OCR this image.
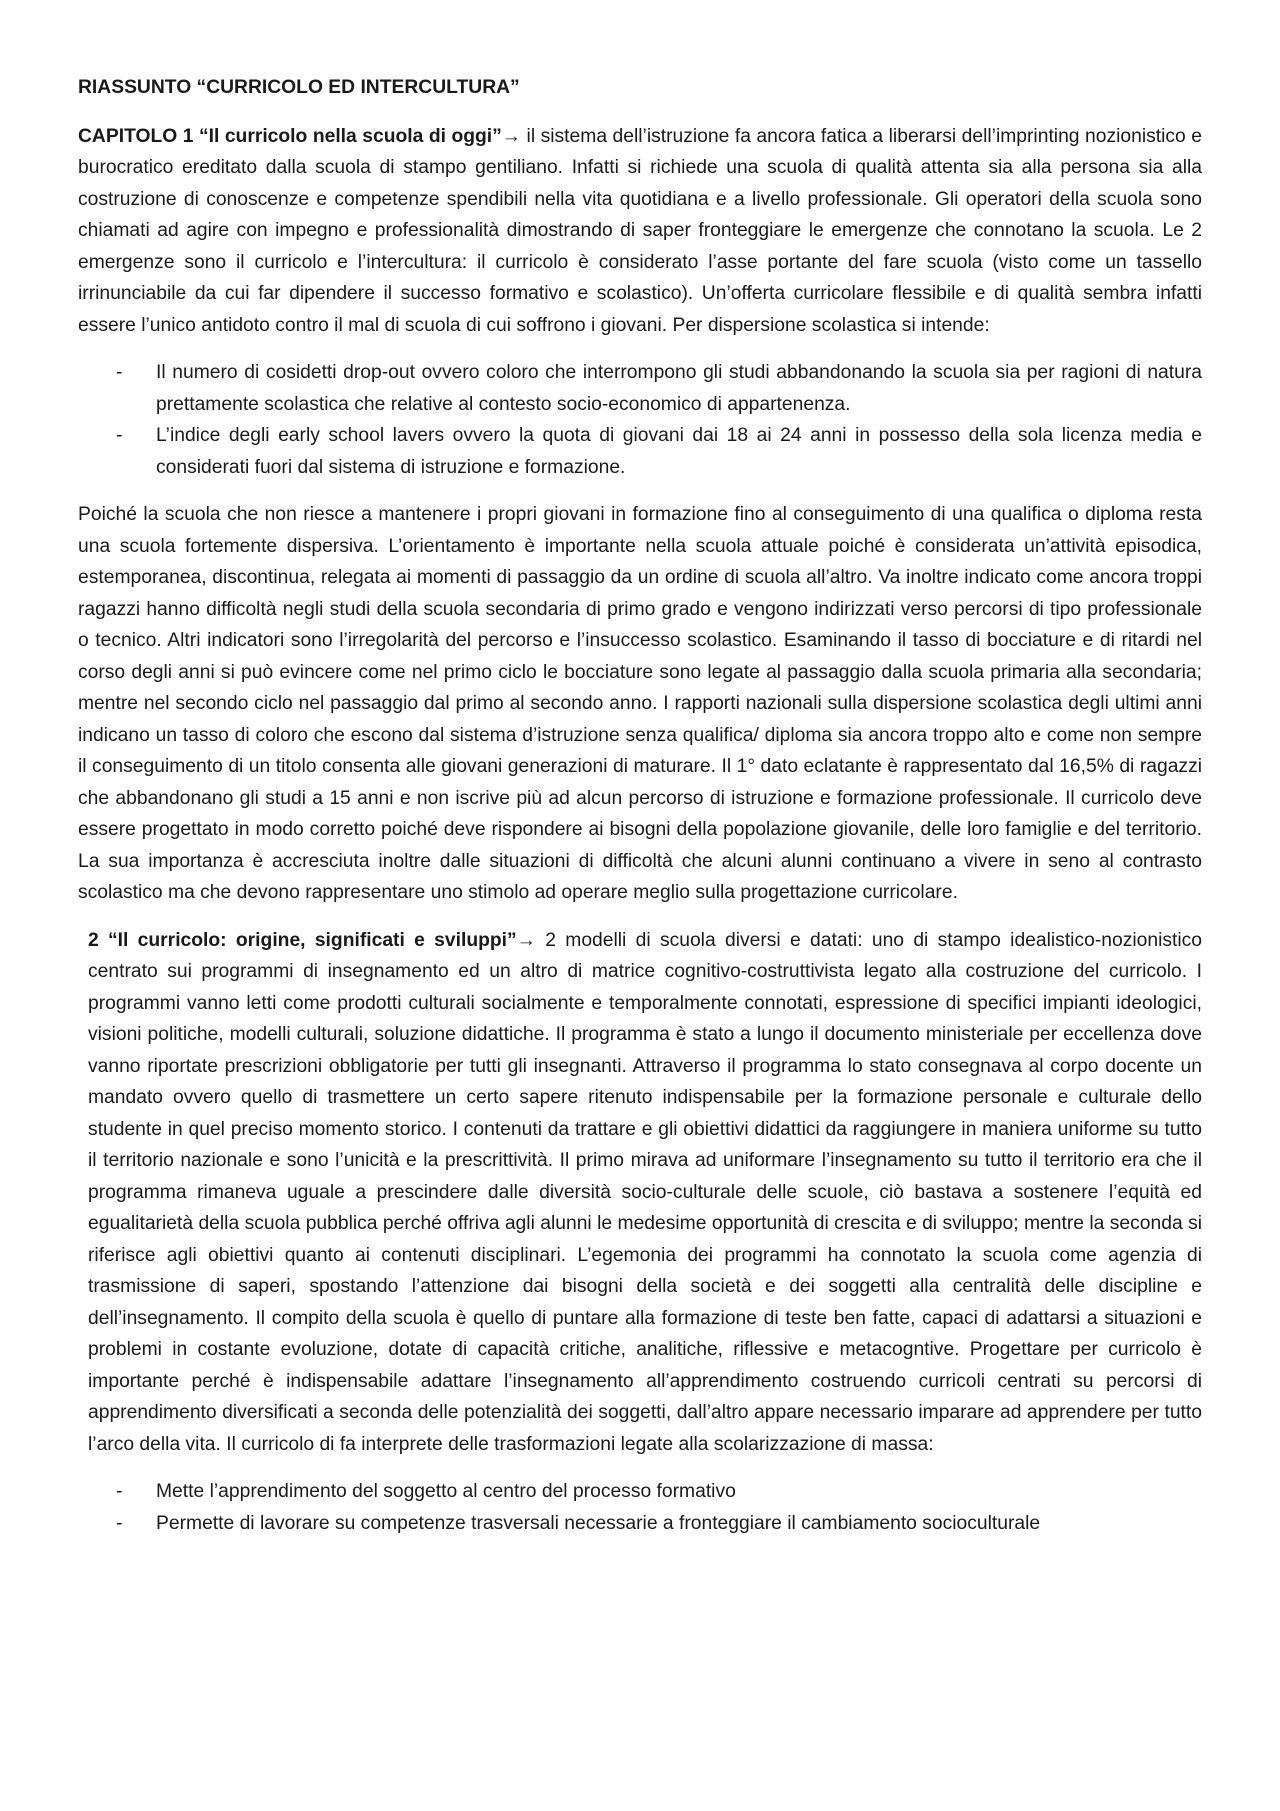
RIASSUNTO “CURRICOLO ED INTERCULTURA”

CAPITOLO 1 “Il curricolo nella scuola di oggi”→ il sistema dell’istruzione fa ancora fatica a liberarsi dell’imprinting nozionistico e burocratico ereditato dalla scuola di stampo gentiliano. Infatti si richiede una scuola di qualità attenta sia alla persona sia alla costruzione di conoscenze e competenze spendibili nella vita quotidiana e a livello professionale. Gli operatori della scuola sono chiamati ad agire con impegno e professionalità dimostrando di saper fronteggiare le emergenze che connotano la scuola. Le 2 emergenze sono il curricolo e l’intercultura: il curricolo è considerato l’asse portante del fare scuola (visto come un tassello irrinunciabile da cui far dipendere il successo formativo e scolastico). Un’offerta curricolare flessibile e di qualità sembra infatti essere l’unico antidoto contro il mal di scuola di cui soffrono i giovani. Per dispersione scolastica si intende:

- Il numero di cosidetti drop-out ovvero coloro che interrompono gli studi abbandonando la scuola sia per ragioni di natura prettamente scolastica che relative al contesto socio-economico di appartenenza.
- L’indice degli early school lavers ovvero la quota di giovani dai 18 ai 24 anni in possesso della sola licenza media e considerati fuori dal sistema di istruzione e formazione.

Poiché la scuola che non riesce a mantenere i propri giovani in formazione fino al conseguimento di una qualifica o diploma resta una scuola fortemente dispersiva. L’orientamento è importante nella scuola attuale poiché è considerata un’attività episodica, estemporanea, discontinua, relegata ai momenti di passaggio da un ordine di scuola all’altro. Va inoltre indicato come ancora troppi ragazzi hanno difficoltà negli studi della scuola secondaria di primo grado e vengono indirizzati verso percorsi di tipo professionale o tecnico. Altri indicatori sono l’irregolarità del percorso e l’insuccesso scolastico. Esaminando il tasso di bocciature e di ritardi nel corso degli anni si può evincere come nel primo ciclo le bocciature sono legate al passaggio dalla scuola primaria alla secondaria; mentre nel secondo ciclo nel passaggio dal primo al secondo anno. I rapporti nazionali sulla dispersione scolastica degli ultimi anni indicano un tasso di coloro che escono dal sistema d’istruzione senza qualifica/ diploma sia ancora troppo alto e come non sempre il conseguimento di un titolo consenta alle giovani generazioni di maturare. Il 1° dato eclatante è rappresentato dal 16,5% di ragazzi che abbandonano gli studi a 15 anni e non iscrive più ad alcun percorso di istruzione e formazione professionale. Il curricolo deve essere progettato in modo corretto poiché deve rispondere ai bisogni della popolazione giovanile, delle loro famiglie e del territorio. La sua importanza è accresciuta inoltre dalle situazioni di difficoltà che alcuni alunni continuano a vivere in seno al contrasto scolastico ma che devono rappresentare uno stimolo ad operare meglio sulla progettazione curricolare.

2 “Il curricolo: origine, significati e sviluppi”→ 2 modelli di scuola diversi e datati: uno di stampo idealistico-nozionistico centrato sui programmi di insegnamento ed un altro di matrice cognitivo-costruttivista legato alla costruzione del curricolo. I programmi vanno letti come prodotti culturali socialmente e temporalmente connotati, espressione di specifici impianti ideologici, visioni politiche, modelli culturali, soluzione didattiche. Il programma è stato a lungo il documento ministeriale per eccellenza dove vanno riportate prescrizioni obbligatorie per tutti gli insegnanti. Attraverso il programma lo stato consegnava al corpo docente un mandato ovvero quello di trasmettere un certo sapere ritenuto indispensabile per la formazione personale e culturale dello studente in quel preciso momento storico. I contenuti da trattare e gli obiettivi didattici da raggiungere in maniera uniforme su tutto il territorio nazionale e sono l’unicità e la prescrittività. Il primo mirava ad uniformare l’insegnamento su tutto il territorio era che il programma rimaneva uguale a prescindere dalle diversità socio-culturale delle scuole, ciò bastava a sostenere l’equità ed egualitarietà della scuola pubblica perché offriva agli alunni le medesime opportunità di crescita e di sviluppo; mentre la seconda si riferisce agli obiettivi quanto ai contenuti disciplinari. L’egemonia dei programmi ha connotato la scuola come agenzia di trasmissione di saperi, spostando l’attenzione dai bisogni della società e dei soggetti alla centralità delle discipline e dell’insegnamento. Il compito della scuola è quello di puntare alla formazione di teste ben fatte, capaci di adattarsi a situazioni e problemi in costante evoluzione, dotate di capacità critiche, analitiche, riflessive e metacogntive. Progettare per curricolo è importante perché è indispensabile adattare l’insegnamento all’apprendimento costruendo curricoli centrati su percorsi di apprendimento diversificati a seconda delle potenzialità dei soggetti, dall’altro appare necessario imparare ad apprendere per tutto l’arco della vita. Il curricolo di fa interprete delle trasformazioni legate alla scolarizzazione di massa:

- Mette l’apprendimento del soggetto al centro del processo formativo
- Permette di lavorare su competenze trasversali necessarie a fronteggiare il cambiamento socioculturale
